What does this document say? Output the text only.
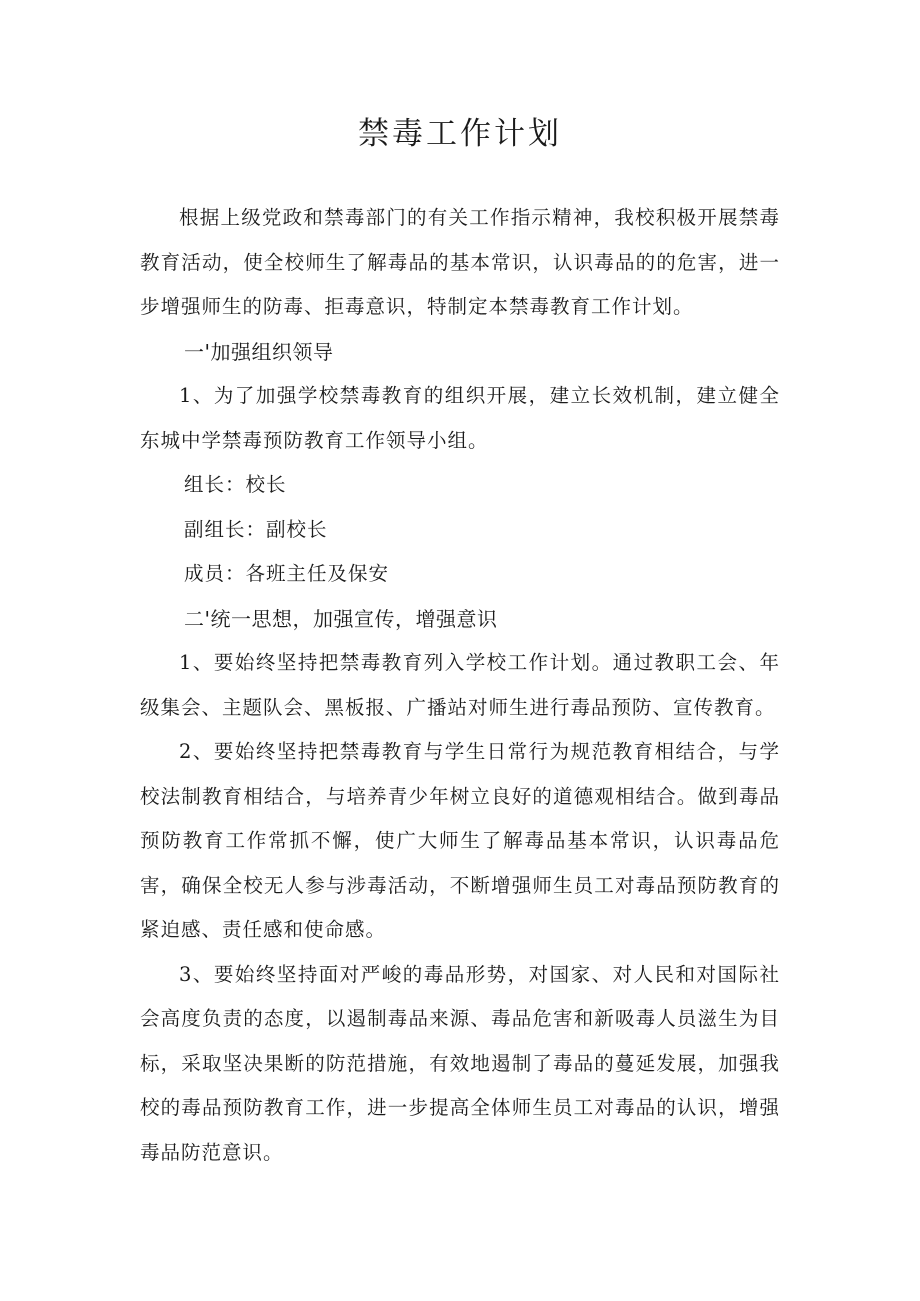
禁毒工作计划

根据上级党政和禁毒部门的有关工作指示精神，我校积极开展禁毒教育活动，使全校师生了解毒品的基本常识，认识毒品的的危害，进一步增强师生的防毒、拒毒意识，特制定本禁毒教育工作计划。

一'加强组织领导

1、为了加强学校禁毒教育的组织开展，建立长效机制，建立健全东城中学禁毒预防教育工作领导小组。

组长：校长

副组长：副校长

成员：各班主任及保安

二'统一思想，加强宣传，增强意识

1、要始终坚持把禁毒教育列入学校工作计划。通过教职工会、年级集会、主题队会、黑板报、广播站对师生进行毒品预防、宣传教育。

2、要始终坚持把禁毒教育与学生日常行为规范教育相结合，与学校法制教育相结合，与培养青少年树立良好的道德观相结合。做到毒品预防教育工作常抓不懈，使广大师生了解毒品基本常识，认识毒品危害，确保全校无人参与涉毒活动，不断增强师生员工对毒品预防教育的紧迫感、责任感和使命感。

3、要始终坚持面对严峻的毒品形势，对国家、对人民和对国际社会高度负责的态度，以遏制毒品来源、毒品危害和新吸毒人员滋生为目标，采取坚决果断的防范措施，有效地遏制了毒品的蔓延发展，加强我校的毒品预防教育工作，进一步提高全体师生员工对毒品的认识，增强毒品防范意识。
